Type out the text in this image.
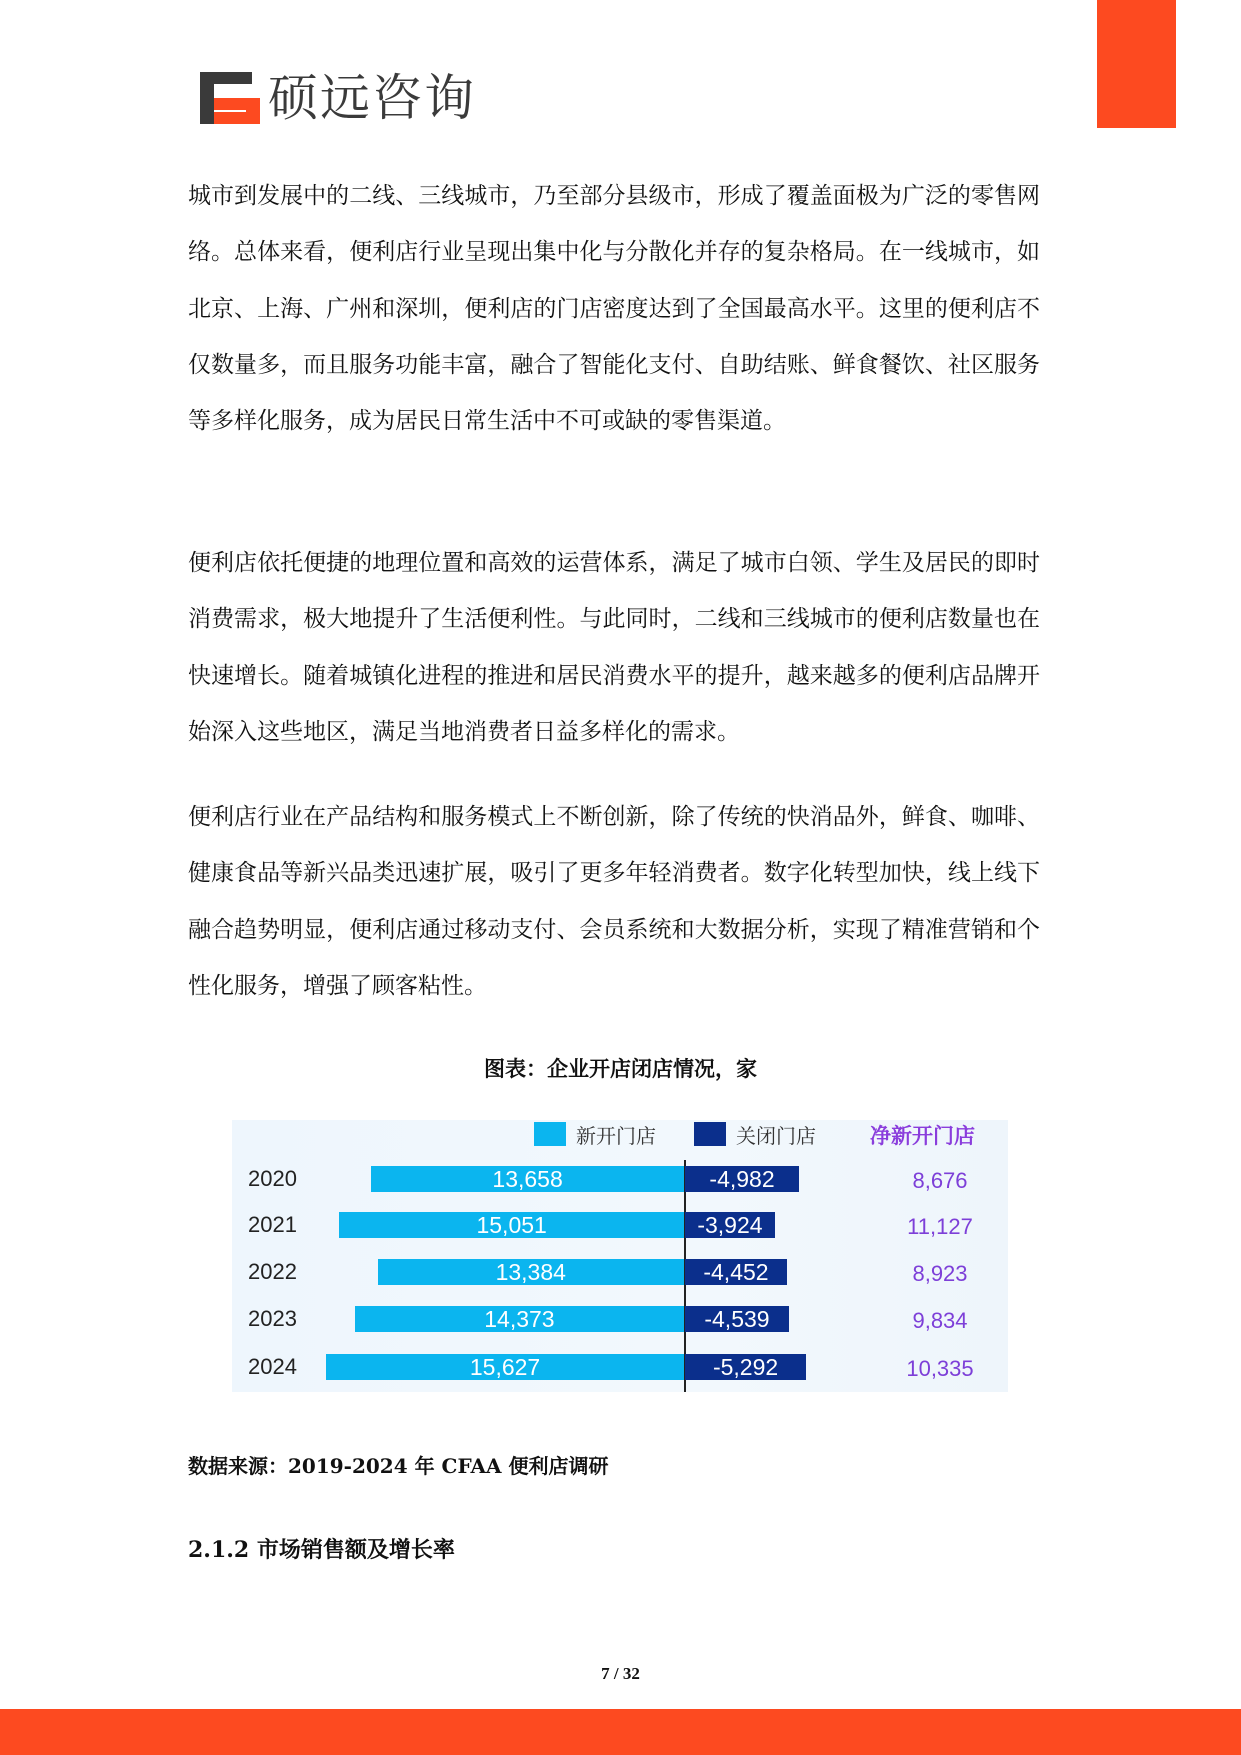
硕远咨询
城市到发展中的二线、三线城市，乃至部分县级市，形成了覆盖面极为广泛的零售网络。总体来看，便利店行业呈现出集中化与分散化并存的复杂格局。在一线城市，如北京、上海、广州和深圳，便利店的门店密度达到了全国最高水平。这里的便利店不仅数量多，而且服务功能丰富，融合了智能化支付、自助结账、鲜食餐饮、社区服务等多样化服务，成为居民日常生活中不可或缺的零售渠道。
便利店依托便捷的地理位置和高效的运营体系，满足了城市白领、学生及居民的即时消费需求，极大地提升了生活便利性。与此同时，二线和三线城市的便利店数量也在快速增长。随着城镇化进程的推进和居民消费水平的提升，越来越多的便利店品牌开始深入这些地区，满足当地消费者日益多样化的需求。
便利店行业在产品结构和服务模式上不断创新，除了传统的快消品外，鲜食、咖啡、健康食品等新兴品类迅速扩展，吸引了更多年轻消费者。数字化转型加快，线上线下融合趋势明显，便利店通过移动支付、会员系统和大数据分析，实现了精准营销和个性化服务，增强了顾客粘性。
图表：企业开店闭店情况，家
新开门店	关闭门店	净新开门店
2020	13,658	-4,982	8,676
2021	15,051	-3,924	11,127
2022	13,384	-4,452	8,923
2023	14,373	-4,539	9,834
2024	15,627	-5,292	10,335
数据来源：2019-2024 年 CFAA 便利店调研
2.1.2 市场销售额及增长率
7 / 32
